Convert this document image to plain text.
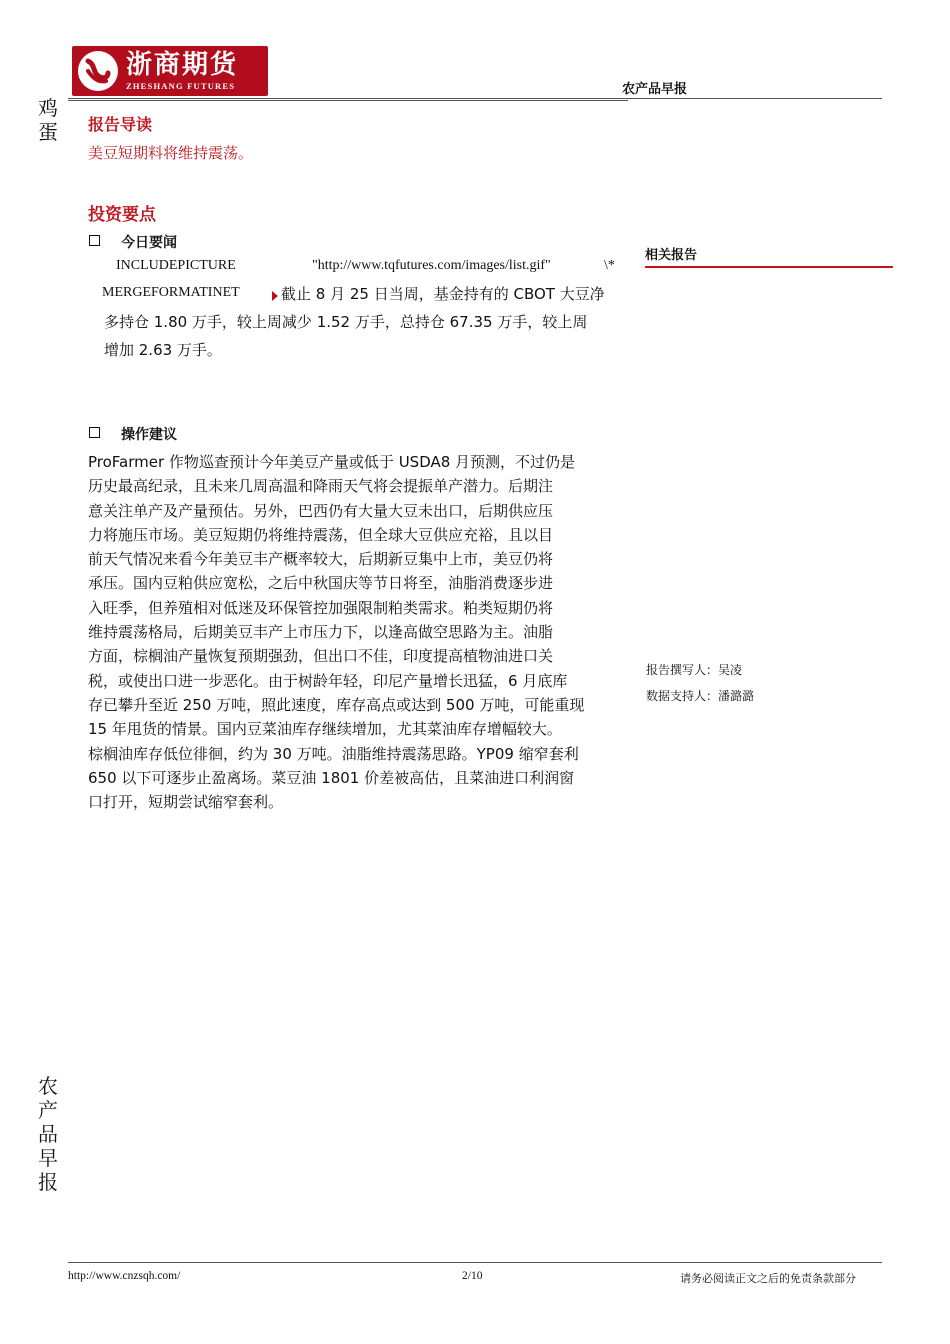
浙商期货
ZHESHANG FUTURES	农产品早报
鸡蛋
农产品早报
报告导读
美豆短期料将维持震荡。
投资要点
今日要闻
INCLUDEPICTURE	"http://www.tqfutures.com/images/list.gif"	\*
MERGEFORMATINET	截止 8 月 25 日当周，基金持有的 CBOT 大豆净
多持仓 1.80 万手，较上周减少 1.52 万手，总持仓 67.35 万手，较上周
增加 2.63 万手。
操作建议
ProFarmer 作物巡查预计今年美豆产量或低于 USDA8 月预测，不过仍是
历史最高纪录，且未来几周高温和降雨天气将会提振单产潜力。后期注
意关注单产及产量预估。另外，巴西仍有大量大豆未出口，后期供应压
力将施压市场。美豆短期仍将维持震荡，但全球大豆供应充裕，且以目
前天气情况来看今年美豆丰产概率较大，后期新豆集中上市，美豆仍将
承压。国内豆粕供应宽松，之后中秋国庆等节日将至，油脂消费逐步进
入旺季，但养殖相对低迷及环保管控加强限制粕类需求。粕类短期仍将
维持震荡格局，后期美豆丰产上市压力下，以逢高做空思路为主。油脂
方面，棕榈油产量恢复预期强劲，但出口不佳，印度提高植物油进口关
税，或使出口进一步恶化。由于树龄年轻，印尼产量增长迅猛，6 月底库
存已攀升至近 250 万吨，照此速度，库存高点或达到 500 万吨，可能重现
15 年甩货的情景。国内豆菜油库存继续增加，尤其菜油库存增幅较大。
棕榈油库存低位徘徊，约为 30 万吨。油脂维持震荡思路。YP09 缩窄套利
650 以下可逐步止盈离场。菜豆油 1801 价差被高估，且菜油进口利润窗
口打开，短期尝试缩窄套利。
相关报告
报告撰写人：吴凌
数据支持人：潘潞潞
http://www.cnzsqh.com/	2/10	请务必阅读正文之后的免责条款部分
